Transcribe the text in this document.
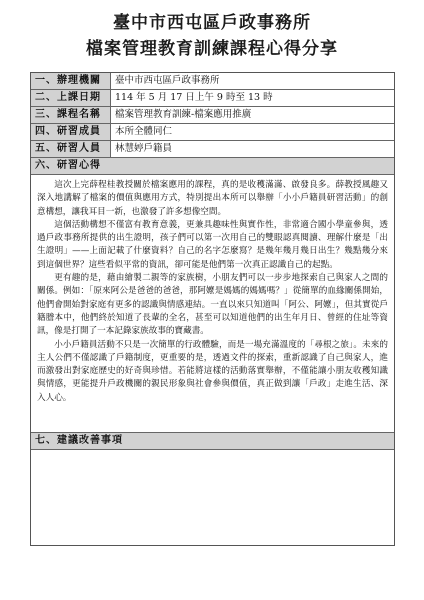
臺中市西屯區戶政事務所
檔案管理教育訓練課程心得分享
一、辦理機關	臺中市西屯區戶政事務所
二、上課日期	114 年 5 月 17 日上午 9 時至 13 時
三、課程名稱	檔案管理教育訓練-檔案應用推廣
四、研習成員	本所全體同仁
五、研習人員	林慧婷戶籍員
六、研習心得

這次上完薛程桂教授關於檔案應用的課程，真的是收穫滿滿、啟發良多。薛教授風趣又深入地講解了檔案的價值與應用方式，特別提出本所可以舉辦「小小戶籍員研習活動」的創意構想，讓我耳目一新，也激發了許多想像空間。

這個活動構想不僅富有教育意義，更兼具趣味性與實作性，非常適合國小學童參與，透過戶政事務所提供的出生證明，孩子們可以第一次用自己的雙眼認真閱讀、理解什麼是「出生證明」——上面記載了什麼資料？自己的名字怎麼寫？是幾年幾月幾日出生？幾點幾分來到這個世界？這些看似平常的資訊，卻可能是他們第一次真正認識自己的起點。

更有趣的是，藉由繪製二親等的家族樹，小朋友們可以一步步地探索自己與家人之間的關係。例如：「原來阿公是爸爸的爸爸，那阿嬤是媽媽的媽媽嗎？」從簡單的血緣關係開始，他們會開始對家庭有更多的認識與情感連結。一直以來只知道叫「阿公、阿嬤」，但其實從戶籍謄本中，他們終於知道了長輩的全名，甚至可以知道他們的出生年月日、曾經的住址等資訊，像是打開了一本記錄家族故事的寶藏書。

小小戶籍員活動不只是一次簡單的行政體驗，而是一場充滿溫度的「尋根之旅」。未來的主人公們不僅認識了戶籍制度，更重要的是，透過文件的探索，重新認識了自己與家人，進而激發出對家庭歷史的好奇與珍惜。若能將這樣的活動落實舉辦，不僅能讓小朋友收穫知識與情感，更能提升戶政機關的親民形象與社會參與價值，真正做到讓「戶政」走進生活、深入人心。

七、建議改善事項
